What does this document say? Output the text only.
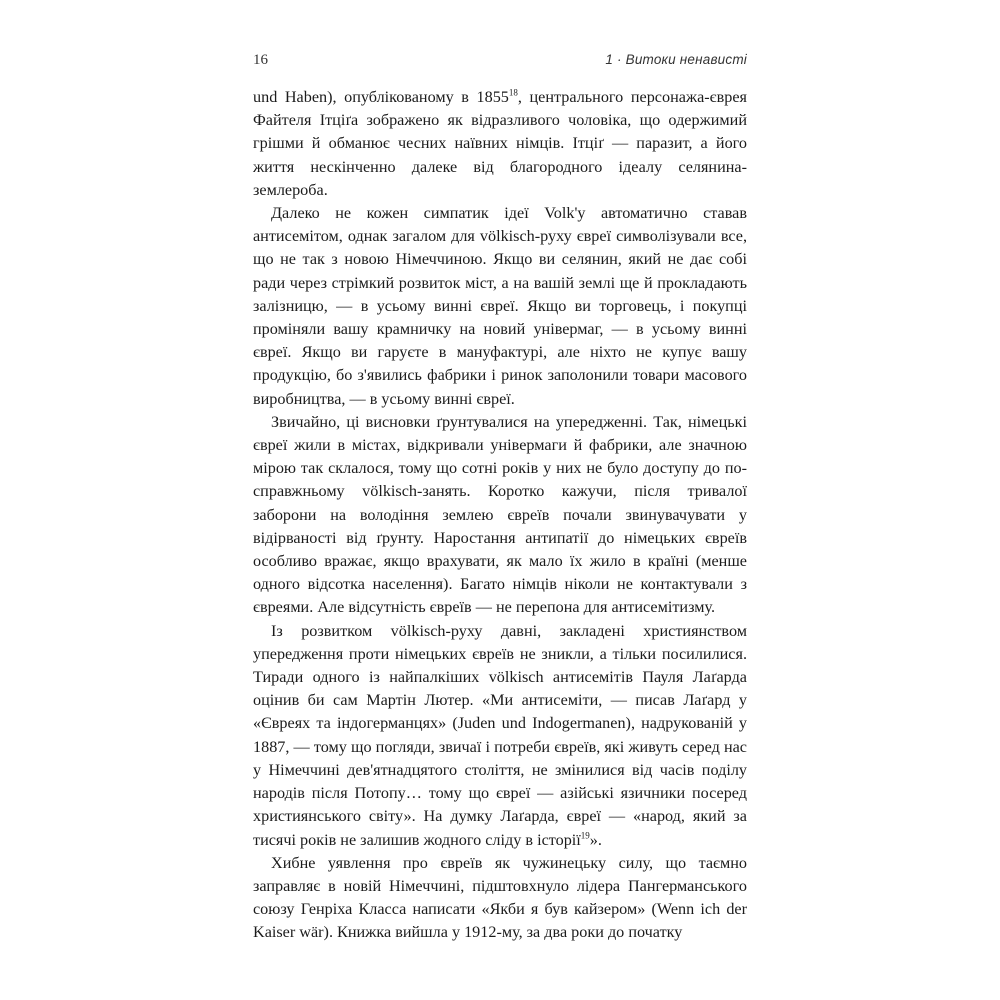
16	1 · Витоки ненависті

und Haben), опублікованому в 1855$^{18}$, центрального персонажа-єврея Файтеля Ітціґа зображено як відразливого чоловіка, що одержимий грішми й обманює чесних наївних німців. Ітціґ — паразит, а його життя нескінченно далеке від благородного ідеалу селянина-землероба.

Далеко не кожен симпатик ідеї Volk'у автоматично ставав антисемітом, однак загалом для völkisch-руху євреї символізували все, що не так з новою Німеччиною. Якщо ви селянин, який не дає собі ради через стрімкий розвиток міст, а на вашій землі ще й прокладають залізницю, — в усьому винні євреї. Якщо ви торговець, і покупці проміняли вашу крамничку на новий універмаг, — в усьому винні євреї. Якщо ви гаруєте в мануфактурі, але ніхто не купує вашу продукцію, бо з'явились фабрики і ринок заполонили товари масового виробництва, — в усьому винні євреї.

Звичайно, ці висновки ґрунтувалися на упередженні. Так, німецькі євреї жили в містах, відкривали універмаги й фабрики, але значною мірою так склалося, тому що сотні років у них не було доступу до по-справжньому völkisch-занять. Коротко кажучи, після тривалої заборони на володіння землею євреїв почали звинувачувати у відірваності від ґрунту. Наростання антипатії до німецьких євреїв особливо вражає, якщо врахувати, як мало їх жило в країні (менше одного відсотка населення). Багато німців ніколи не контактували з євреями. Але відсутність євреїв — не перепона для антисемітизму.

Із розвитком völkisch-руху давні, закладені християнством упередження проти німецьких євреїв не зникли, а тільки посилилися. Тиради одного із найпалкіших völkisch антисемітів Пауля Лаґарда оцінив би сам Мартін Лютер. «Ми антисеміти, — писав Лаґард у «Євреях та індогерманцях» (Juden und Indogermanen), надрукованій у 1887, — тому що погляди, звичаї і потреби євреїв, які живуть серед нас у Німеччині дев'ятнадцятого століття, не змінилися від часів поділу народів після Потопу… тому що євреї — азійські язичники посеред християнського світу». На думку Лаґарда, євреї — «народ, який за тисячі років не залишив жодного сліду в історії$^{19}$».

Хибне уявлення про євреїв як чужинецьку силу, що таємно заправляє в новій Німеччині, підштовхнуло лідера Пангерманського союзу Генріха Класса написати «Якби я був кайзером» (Wenn ich der Kaiser wär). Книжка вийшла у 1912-му, за два роки до початку
